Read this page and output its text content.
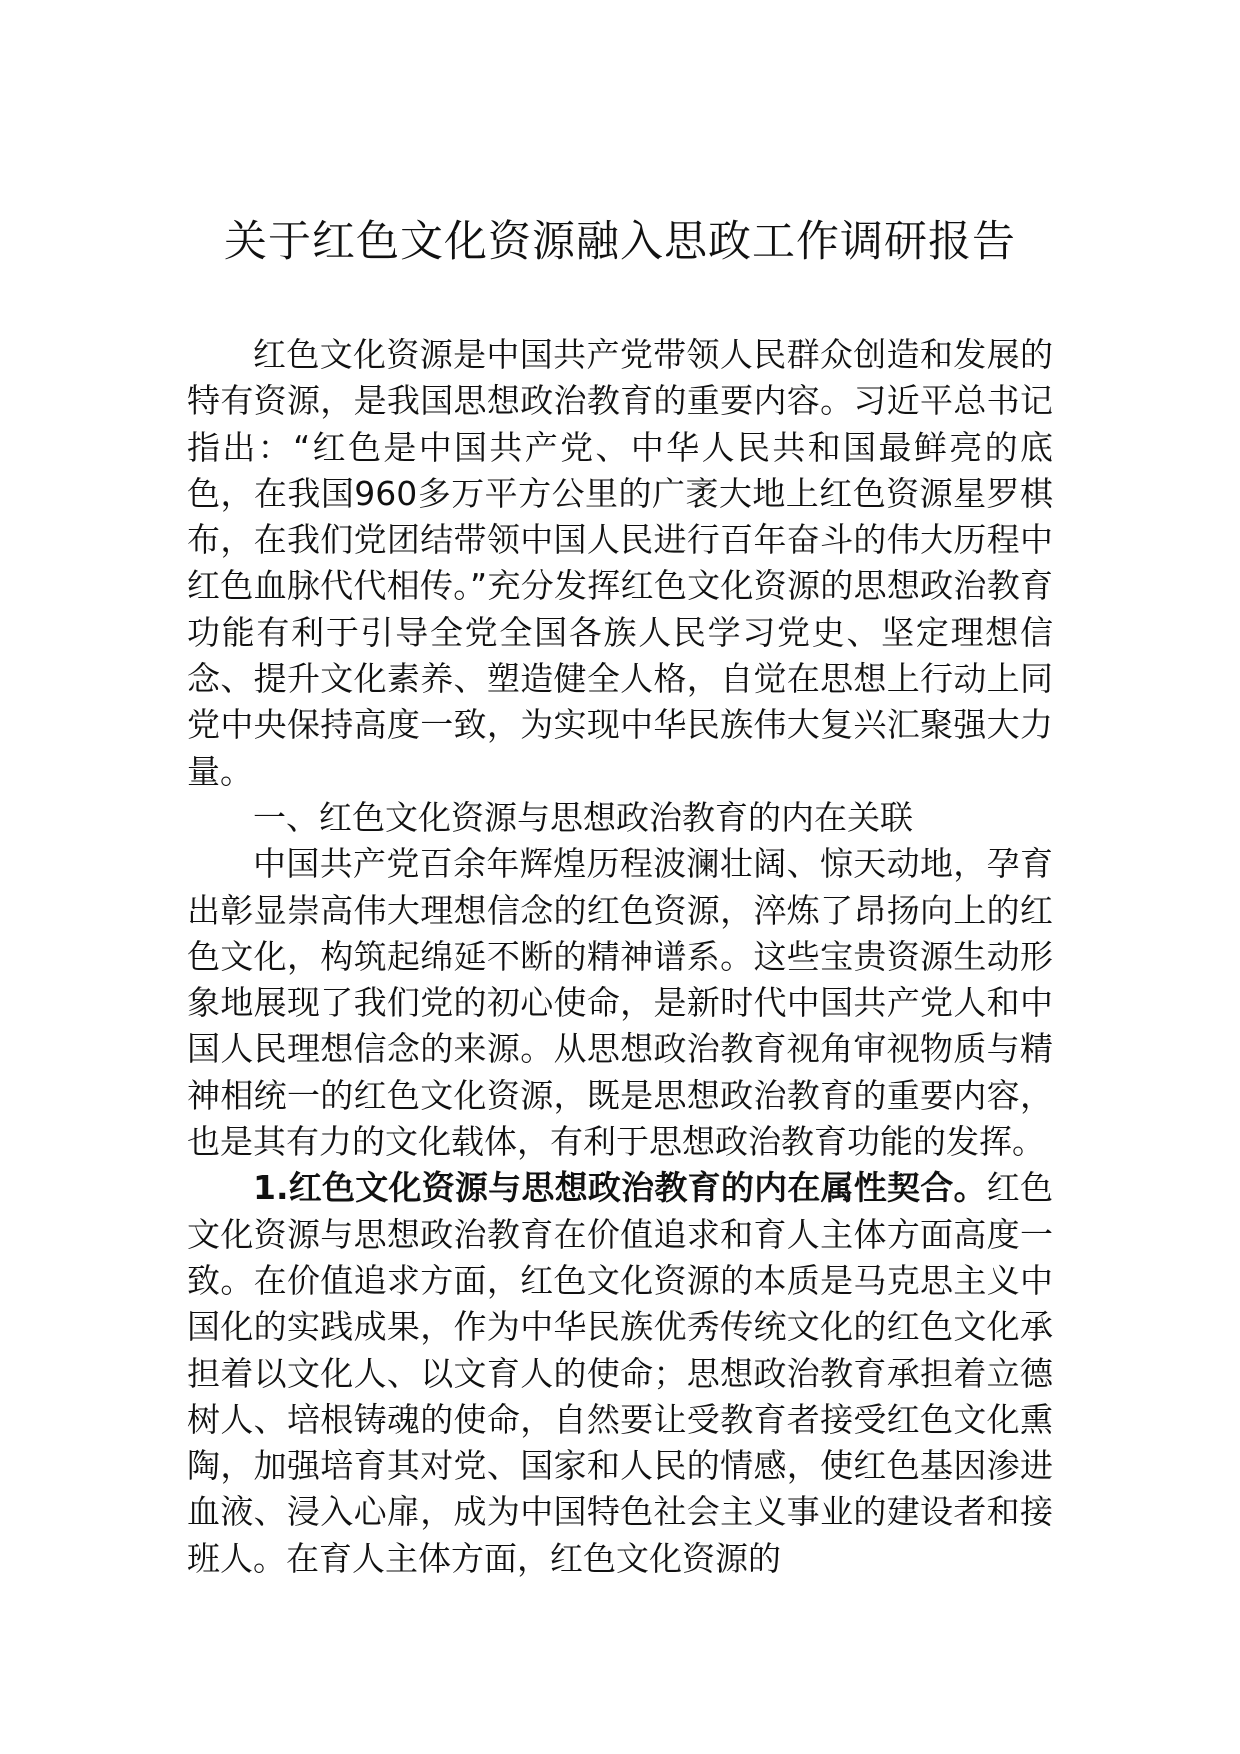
关于红色文化资源融入思政工作调研报告

红色文化资源是中国共产党带领人民群众创造和发展的特有资源，是我国思想政治教育的重要内容。习近平总书记指出：“红色是中国共产党、中华人民共和国最鲜亮的底色，在我国960多万平方公里的广袤大地上红色资源星罗棋布，在我们党团结带领中国人民进行百年奋斗的伟大历程中红色血脉代代相传。”充分发挥红色文化资源的思想政治教育功能有利于引导全党全国各族人民学习党史、坚定理想信念、提升文化素养、塑造健全人格，自觉在思想上行动上同党中央保持高度一致，为实现中华民族伟大复兴汇聚强大力量。

一、红色文化资源与思想政治教育的内在关联

中国共产党百余年辉煌历程波澜壮阔、惊天动地，孕育出彰显崇高伟大理想信念的红色资源，淬炼了昂扬向上的红色文化，构筑起绵延不断的精神谱系。这些宝贵资源生动形象地展现了我们党的初心使命，是新时代中国共产党人和中国人民理想信念的来源。从思想政治教育视角审视物质与精神相统一的红色文化资源，既是思想政治教育的重要内容，也是其有力的文化载体，有利于思想政治教育功能的发挥。

1.红色文化资源与思想政治教育的内在属性契合。红色文化资源与思想政治教育在价值追求和育人主体方面高度一致。在价值追求方面，红色文化资源的本质是马克思主义中国化的实践成果，作为中华民族优秀传统文化的红色文化承担着以文化人、以文育人的使命；思想政治教育承担着立德树人、培根铸魂的使命，自然要让受教育者接受红色文化熏陶，加强培育其对党、国家和人民的情感，使红色基因渗进血液、浸入心扉，成为中国特色社会主义事业的建设者和接班人。在育人主体方面，红色文化资源的
